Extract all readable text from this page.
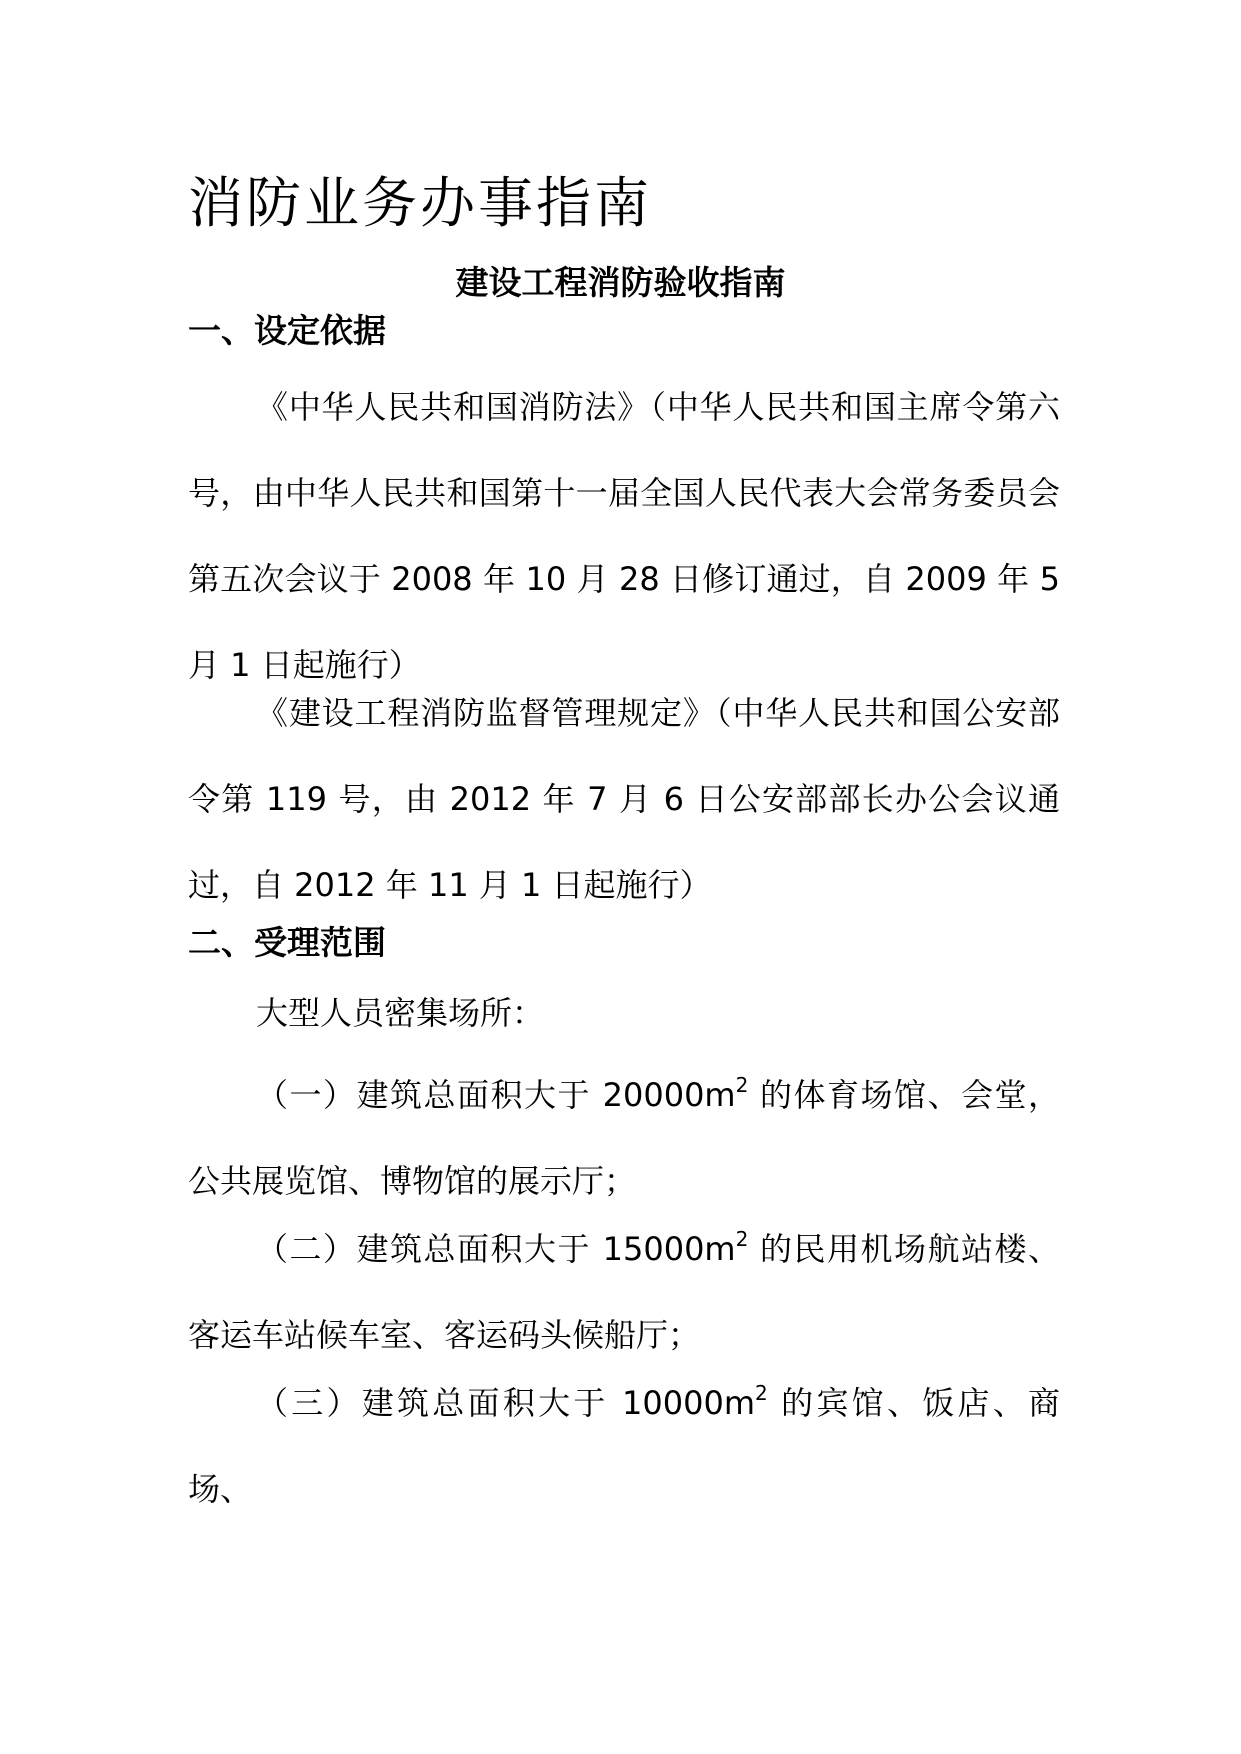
消防业务办事指南
建设工程消防验收指南
一、设定依据

《中华人民共和国消防法》（中华人民共和国主席令第六号，由中华人民共和国第十一届全国人民代表大会常务委员会第五次会议于 2008 年 10 月 28 日修订通过，自 2009 年 5 月 1 日起施行）

《建设工程消防监督管理规定》（中华人民共和国公安部令第 119 号，由 2012 年 7 月 6 日公安部部长办公会议通过，自 2012 年 11 月 1 日起施行）

二、受理范围

大型人员密集场所：

（一）建筑总面积大于 $20000m^2$ 的体育场馆、会堂，公共展览馆、博物馆的展示厅；

（二）建筑总面积大于 $15000m^2$ 的民用机场航站楼、客运车站候车室、客运码头候船厅；

（三）建筑总面积大于 $10000m^2$ 的宾馆、饭店、商场、
